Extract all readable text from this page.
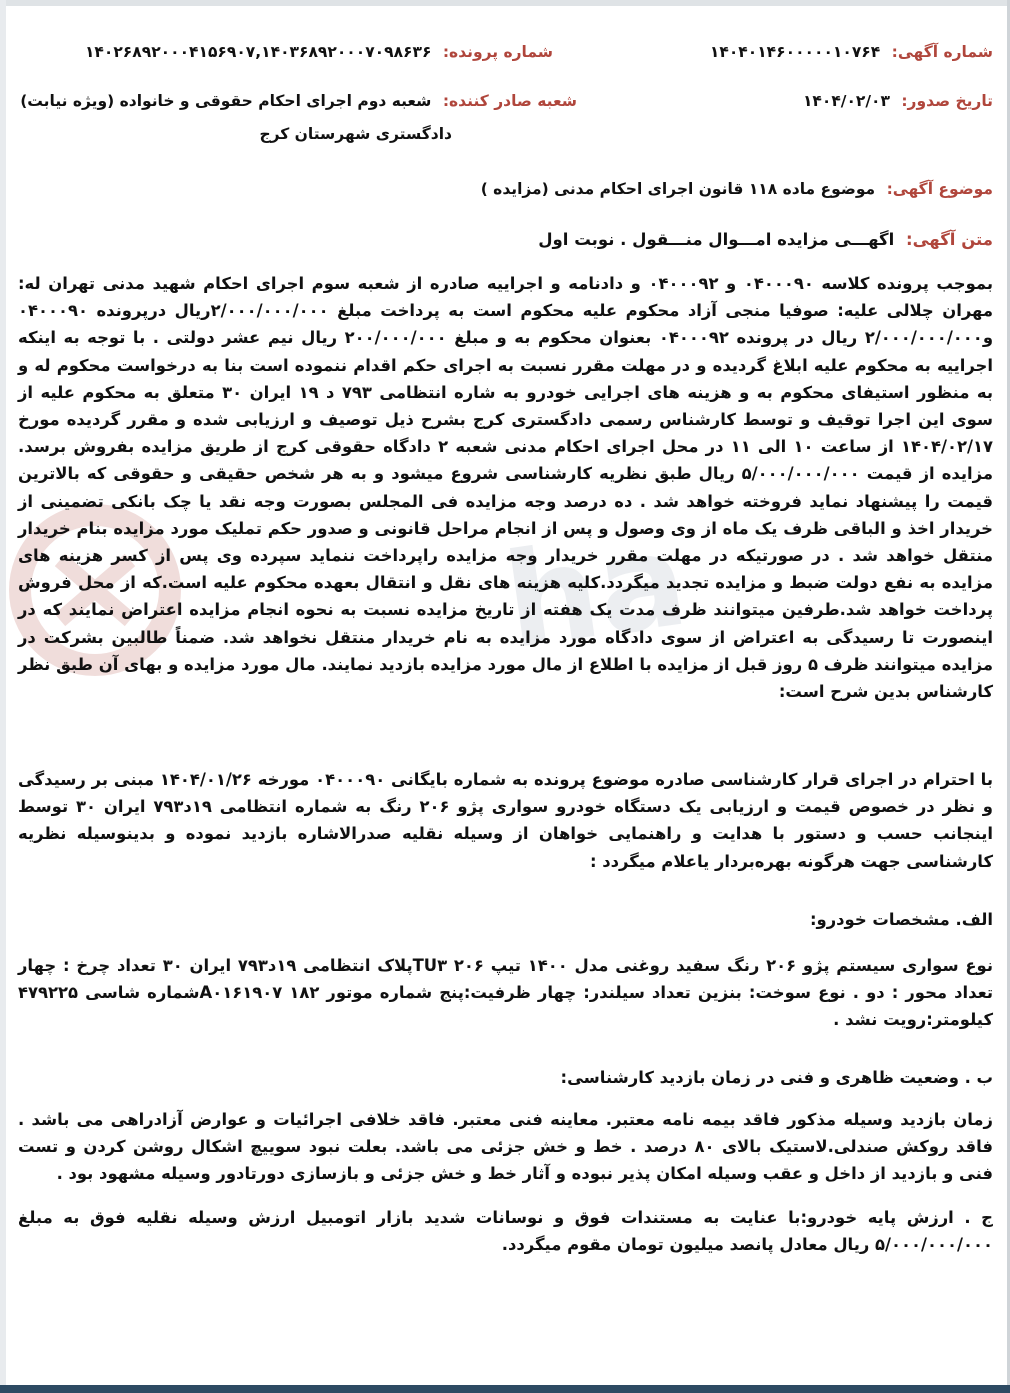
ha
شماره آگهی: ۱۴۰۴۰۱۴۶۰۰۰۰۰۱۰۷۶۴
شماره پرونده: ۱۴۰۲۶۸۹۲۰۰۰۴۱۵۶۹۰۷,۱۴۰۳۶۸۹۲۰۰۰۷۰۹۸۶۳۶
تاریخ صدور: ۱۴۰۴/۰۲/۰۳
شعبه صادر کننده: شعبه دوم اجرای احکام حقوقی و خانواده (ویژه نیابت)
دادگستری شهرستان کرج
موضوع آگهی: موضوع ماده ۱۱۸ قانون اجرای احکام مدنی (مزایده )
متن آگهی: اگهـــی مزایده امـــوال منـــقول . نوبت اول

بموجب پرونده کلاسه ۰۴۰۰۰۹۰ و ۰۴۰۰۰۹۲ و دادنامه و اجراییه صادره از شعبه سوم اجرای احکام شهید مدنی تهران له: مهران چلالی علیه: صوفیا منجی آزاد محکوم علیه محکوم است به پرداخت مبلغ ۲/۰۰۰/۰۰۰/۰۰۰ریال درپرونده ۰۴۰۰۰۹۰ و۲/۰۰۰/۰۰۰/۰۰۰ ریال در پرونده ۰۴۰۰۰۹۲ بعنوان محکوم به و مبلغ ۲۰۰/۰۰۰/۰۰۰ ریال نیم عشر دولتی . با توجه به اینکه اجراییه به محکوم علیه ابلاغ گردیده و در مهلت مقرر نسبت به اجرای حکم اقدام ننموده است بنا به درخواست محکوم له و به منظور استیفای محکوم به و هزینه های اجرایی خودرو به شاره انتظامی ۷۹۳ د ۱۹ ایران ۳۰ متعلق به محکوم علیه از سوی این اجرا توقیف و توسط کارشناس رسمی دادگستری کرج بشرح ذیل توصیف و ارزیابی شده و مقرر گردیده مورخ ۱۴۰۴/۰۲/۱۷ از ساعت ۱۰ الی ۱۱ در محل اجرای احکام مدنی شعبه ۲ دادگاه حقوقی کرج از طریق مزایده بفروش برسد. مزایده از قیمت ۵/۰۰۰/۰۰۰/۰۰۰ ریال طبق نظریه کارشناسی شروع میشود و به هر شخص حقیقی و حقوقی که بالاترین قیمت را پیشنهاد نماید فروخته خواهد شد . ده درصد وجه مزایده فی المجلس بصورت وجه نقد یا چک بانکی تضمینی از خریدار اخذ و الباقی ظرف یک ماه از وی وصول و پس از انجام مراحل قانونی و صدور حکم تملیک مورد مزایده بنام خریدار منتقل خواهد شد . در صورتیکه در مهلت مقرر خریدار وجه مزایده راپرداخت ننماید سپرده وی پس از کسر هزینه های مزایده به نفع دولت ضبط و مزایده تجدید میگردد.کلیه هزینه های نقل و انتقال بعهده محکوم علیه است.که از محل فروش پرداخت خواهد شد.طرفین میتوانند ظرف مدت یک هفته از تاریخ مزایده نسبت به نحوه انجام مزایده اعتراض نمایند که در اینصورت تا رسیدگی به اعتراض از سوی دادگاه مورد مزایده به نام خریدار منتقل نخواهد شد. ضمناً طالبین بشرکت در مزایده میتوانند ظرف ۵ روز قبل از مزایده با اطلاع از مال مورد مزایده بازدید نمایند. مال مورد مزایده و بهای آن طبق نظر کارشناس بدین شرح است:

با احترام در اجرای قرار کارشناسی صادره موضوع پرونده به شماره بایگانی ۰۴۰۰۰۹۰ مورخه ۱۴۰۴/۰۱/۲۶ مبنی بر رسیدگی و نظر در خصوص قیمت و ارزیابی یک دستگاه خودرو سواری پژو ۲۰۶ رنگ به شماره انتظامی ۱۹د۷۹۳ ایران ۳۰ توسط اینجانب حسب و دستور با هدایت و راهنمایی خواهان از وسیله نقلیه صدرالاشاره بازدید نموده و بدینوسیله نظریه کارشناسی جهت هرگونه بهره‌بردار یاعلام میگردد :

الف. مشخصات خودرو:

نوع سواری سیستم پژو ۲۰۶ رنگ سفید روغنی مدل ۱۴۰۰ تیپ ۲۰۶ TU۳پلاک انتظامی ۱۹د۷۹۳ ایران ۳۰ تعداد چرخ : چهار تعداد محور : دو . نوع سوخت: بنزین تعداد سیلندر: چهار ظرفیت:پنج شماره موتور ۱۸۲ A۰۱۶۱۹۰۷شماره شاسی ۴۷۹۲۲۵ کیلومتر:رویت نشد .

ب . وضعیت ظاهری و فنی در زمان بازدید کارشناسی:

زمان بازدید وسیله مذکور فاقد بیمه نامه معتبر. معاینه فنی معتبر. فاقد خلافی اجرائیات و عوارض آزادراهی می باشد . فاقد روکش صندلی.لاستیک بالای ۸۰ درصد . خط و خش جزئی می باشد. بعلت نبود سوییچ اشکال روشن کردن و تست فنی و بازدید از داخل و عقب وسیله امکان پذیر نبوده و آثار خط و خش جزئی و بازسازی دورتادور وسیله مشهود بود .

ج . ارزش پایه خودرو:با عنایت به مستندات فوق و نوسانات شدید بازار اتومبیل ارزش وسیله نقلیه فوق به مبلغ ۵/۰۰۰/۰۰۰/۰۰۰ ریال معادل پانصد میلیون تومان مقوم میگردد.
